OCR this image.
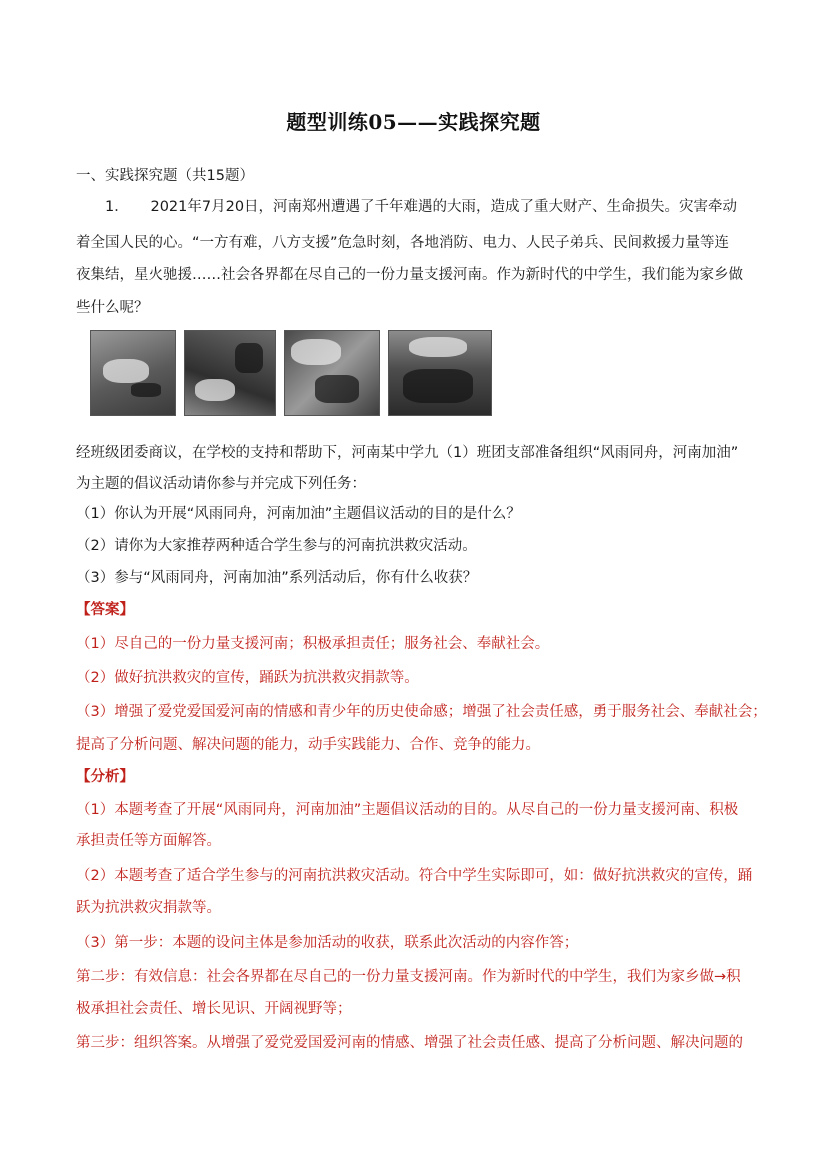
题型训练05——实践探究题
一、实践探究题（共15题）
　　1．　　2021年7月20日，河南郑州遭遇了千年难遇的大雨，造成了重大财产、生命损失。灾害牵动
着全国人民的心。“一方有难，八方支援”危急时刻，各地消防、电力、人民子弟兵、民间救援力量等连
夜集结，星火驰援……社会各界都在尽自己的一份力量支援河南。作为新时代的中学生，我们能为家乡做
些什么呢？
经班级团委商议，在学校的支持和帮助下，河南某中学九（1）班团支部准备组织“风雨同舟，河南加油”
为主题的倡议活动请你参与并完成下列任务：
（1）你认为开展“风雨同舟，河南加油”主题倡议活动的目的是什么？
（2）请你为大家推荐两种适合学生参与的河南抗洪救灾活动。
（3）参与“风雨同舟，河南加油”系列活动后，你有什么收获？
【答案】
（1）尽自己的一份力量支援河南；积极承担责任；服务社会、奉献社会。
（2）做好抗洪救灾的宣传，踊跃为抗洪救灾捐款等。
（3）增强了爱党爱国爱河南的情感和青少年的历史使命感；增强了社会责任感，勇于服务社会、奉献社会；
提高了分析问题、解决问题的能力，动手实践能力、合作、竞争的能力。
【分析】
（1）本题考查了开展“风雨同舟，河南加油”主题倡议活动的目的。从尽自己的一份力量支援河南、积极
承担责任等方面解答。
（2）本题考查了适合学生参与的河南抗洪救灾活动。符合中学生实际即可，如：做好抗洪救灾的宣传，踊
跃为抗洪救灾捐款等。
（3）第一步：本题的设问主体是参加活动的收获，联系此次活动的内容作答；
第二步：有效信息：社会各界都在尽自己的一份力量支援河南。作为新时代的中学生，我们为家乡做→积
极承担社会责任、增长见识、开阔视野等；
第三步：组织答案。从增强了爱党爱国爱河南的情感、增强了社会责任感、提高了分析问题、解决问题的
